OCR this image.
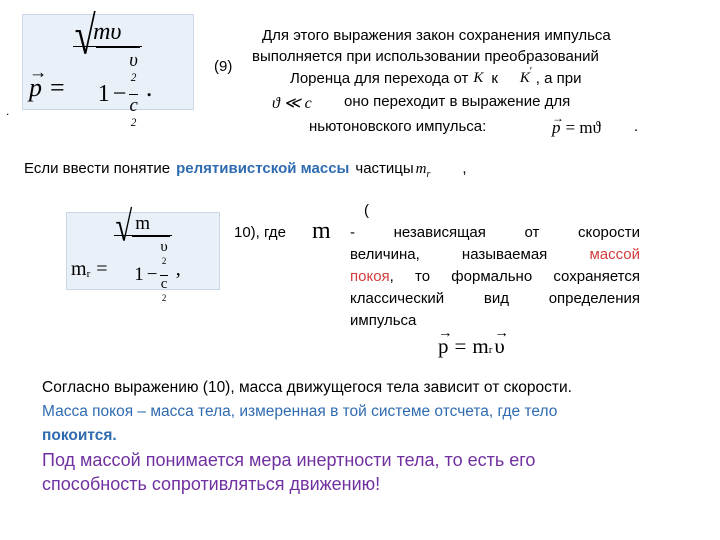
→ p =
mυ
√
1 − υ
$^2$
c
$^2$ .
(9)
Для этого выражения закон сохранения импульса
выполняется при использовании преобразований
Лоренца для перехода от К к K ′ , а при
ϑ ≪ c оно переходит в выражение для
ньютоновского импульса:	→ p = mϑ .
.
Если ввести понятие релятивистской массы частицы $m_r$ ,
$m_r$ =
m
√
1 − υ
$^2$
c
$^2$ ,
10), где m
(
- независящая от скорости
величина, называемая	массой
покоя, то формально сохраняется
классический вид определения
импульса
→ p = m r → υ
Согласно выражению (10), масса движущегося тела зависит от скорости.
Масса покоя – масса тела, измеренная в той системе отсчета, где тело
покоится.
Под массой понимается мера инертности тела, то есть его
способность сопротивляться движению!
